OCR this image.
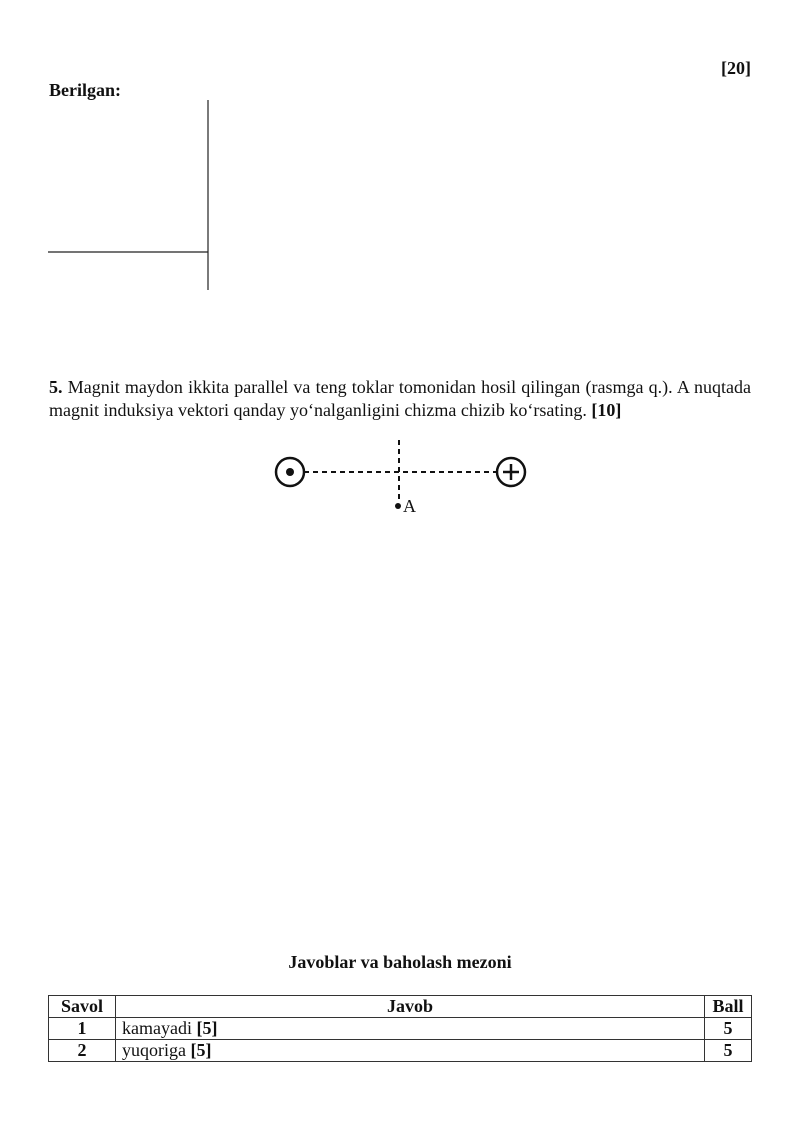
[20]
Berilgan:
5. Magnit maydon ikkita parallel va teng toklar tomonidan hosil qilingan (rasmga q.). A nuqtada magnit induksiya vektori qanday yo‘nalganligini chizma chizib ko‘rsating. [10]
A
Javoblar va baholash mezoni
Savol	Javob	Ball
1	kamayadi [5]	5
2	yuqoriga [5]	5
